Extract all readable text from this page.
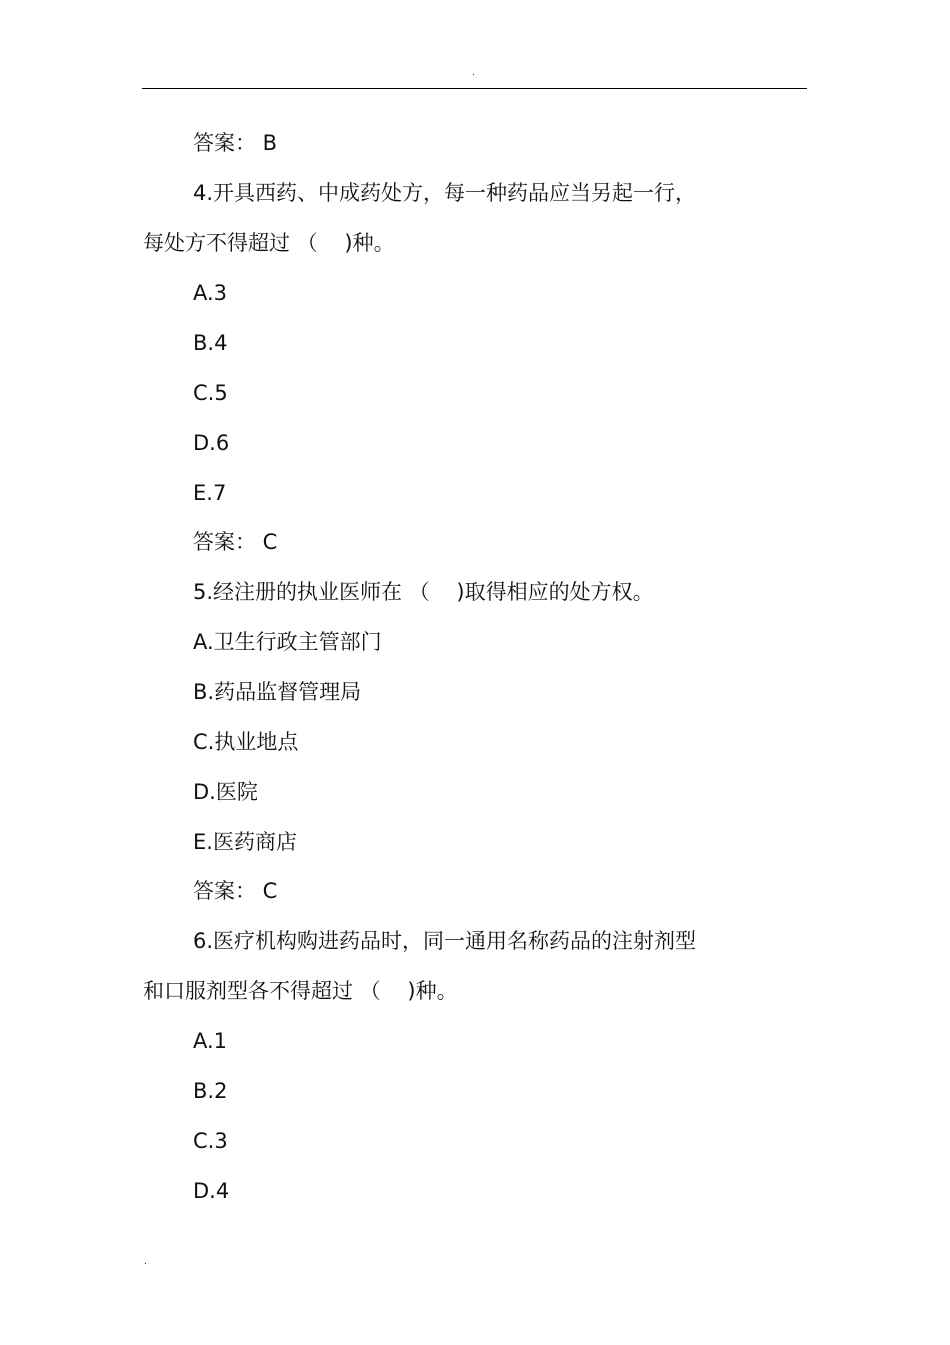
.
答案： B
4.开具西药、中成药处方，每一种药品应当另起一行，
每处方不得超过 （    )种。
A.3
B.4
C.5
D.6
E.7
答案： C
5.经注册的执业医师在 （    )取得相应的处方权。
A.卫生行政主管部门
B.药品监督管理局
C.执业地点
D.医院
E.医药商店
答案： C
6.医疗机构购进药品时，同一通用名称药品的注射剂型
和口服剂型各不得超过 （    )种。
A.1
B.2
C.3
D.4
.
